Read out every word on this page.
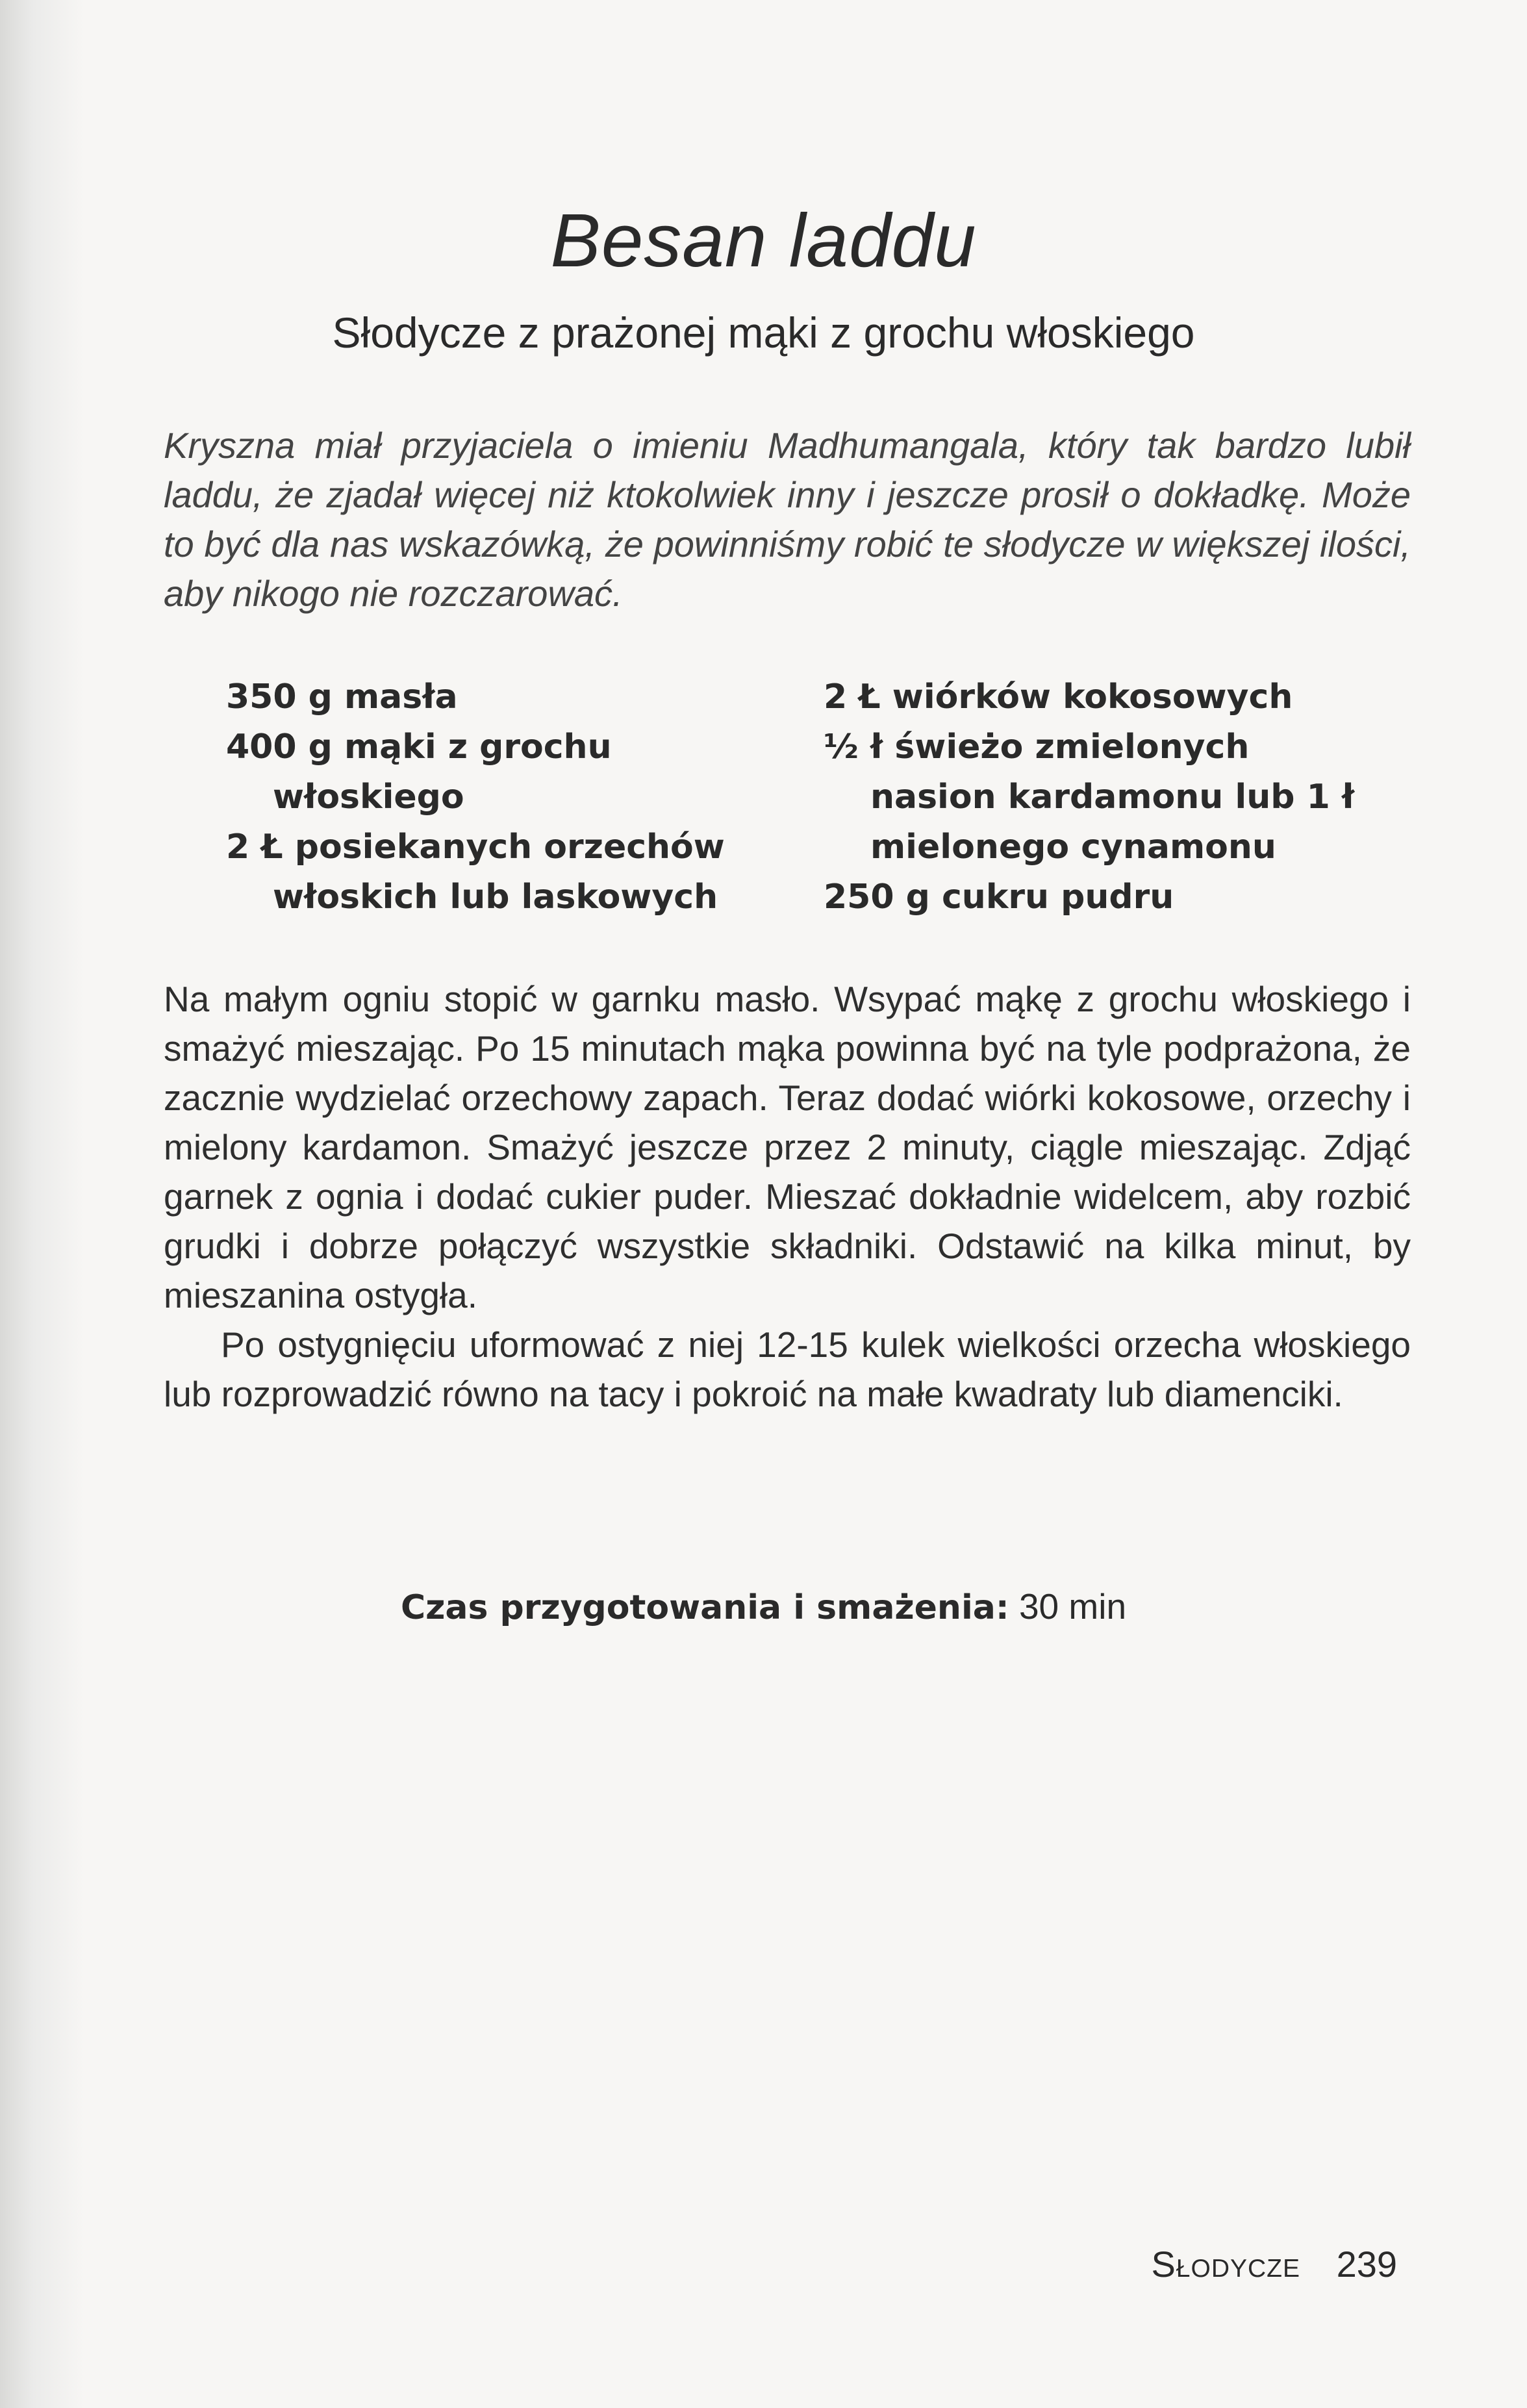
Besan laddu
Słodycze z prażonej mąki z grochu włoskiego

Kryszna miał przyjaciela o imieniu Madhumangala, który tak bardzo lubił laddu, że zjadał więcej niż ktokolwiek inny i jeszcze prosił o dokładkę. Może to być dla nas wskazówką, że powinniśmy robić te słodycze w większej ilości, aby nikogo nie rozczarować.

350 g masła
400 g mąki z grochu włoskiego
2 Ł posiekanych orzechów włoskich lub laskowych
2 Ł wiórków kokosowych
½ ł świeżo zmielonych nasion kardamonu lub 1 ł mielonego cynamonu
250 g cukru pudru

Na małym ogniu stopić w garnku masło. Wsypać mąkę z grochu włoskiego i smażyć mieszając. Po 15 minutach mąka powinna być na tyle podprażona, że zacznie wydzielać orzechowy zapach. Teraz dodać wiórki kokosowe, orzechy i mielony kardamon. Smażyć jeszcze przez 2 minuty, ciągle mieszając. Zdjąć garnek z ognia i dodać cukier puder. Mieszać dokładnie widelcem, aby rozbić grudki i dobrze połączyć wszystkie składniki. Odstawić na kilka minut, by mieszanina ostygła.

Po ostygnięciu uformować z niej 12-15 kulek wielkości orzecha włoskiego lub rozprowadzić równo na tacy i pokroić na małe kwadraty lub diamenciki.

Czas przygotowania i smażenia: 30 min
Słodycze 239
